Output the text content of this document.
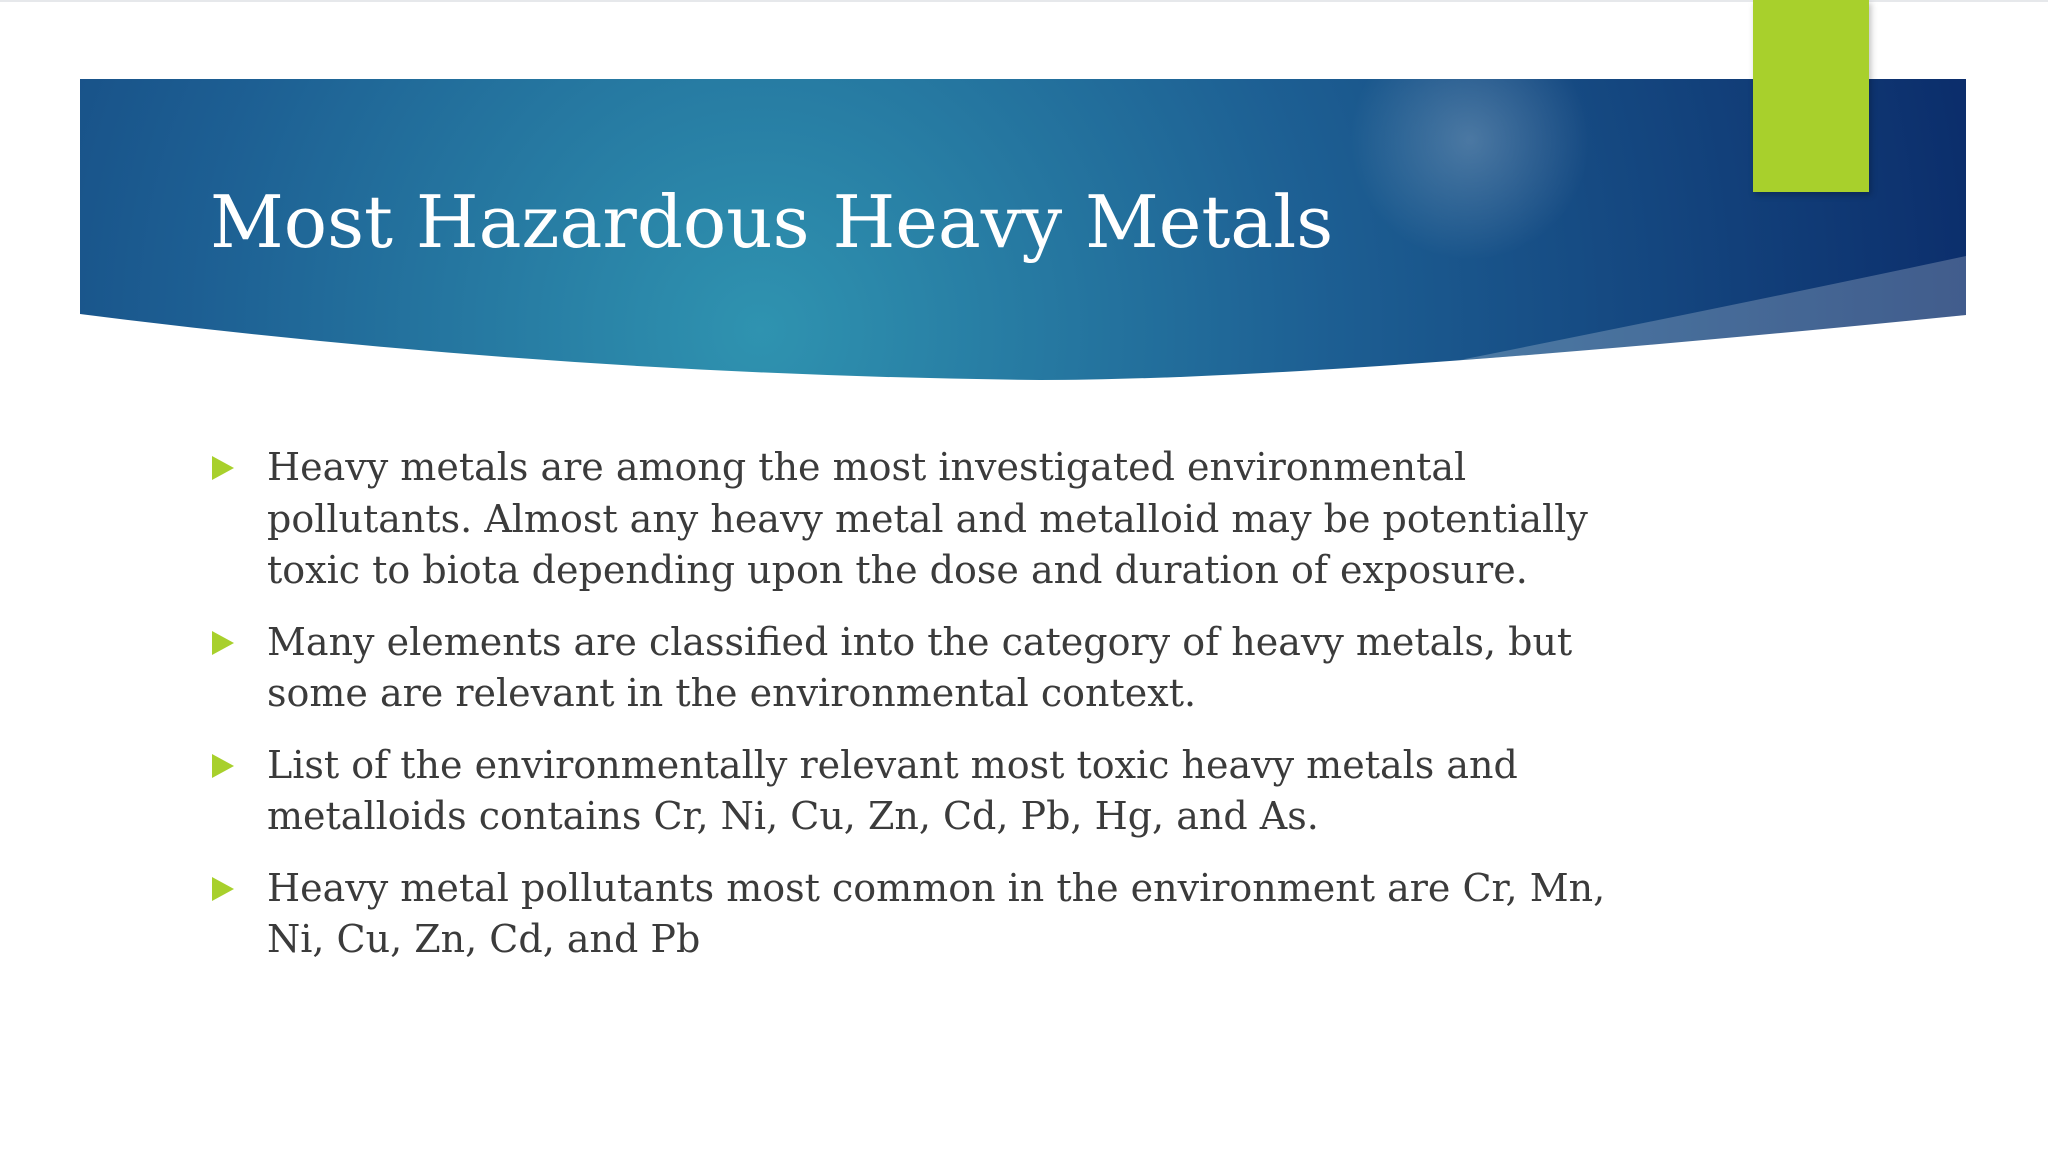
Most Hazardous Heavy Metals
Heavy metals are among the most investigated environmental pollutants. Almost any heavy metal and metalloid may be potentially toxic to biota depending upon the dose and duration of exposure.
Many elements are classified into the category of heavy metals, but some are relevant in the environmental context.
List of the environmentally relevant most toxic heavy metals and metalloids contains Cr, Ni, Cu, Zn, Cd, Pb, Hg, and As.
Heavy metal pollutants most common in the environment are Cr, Mn, Ni, Cu, Zn, Cd, and Pb
